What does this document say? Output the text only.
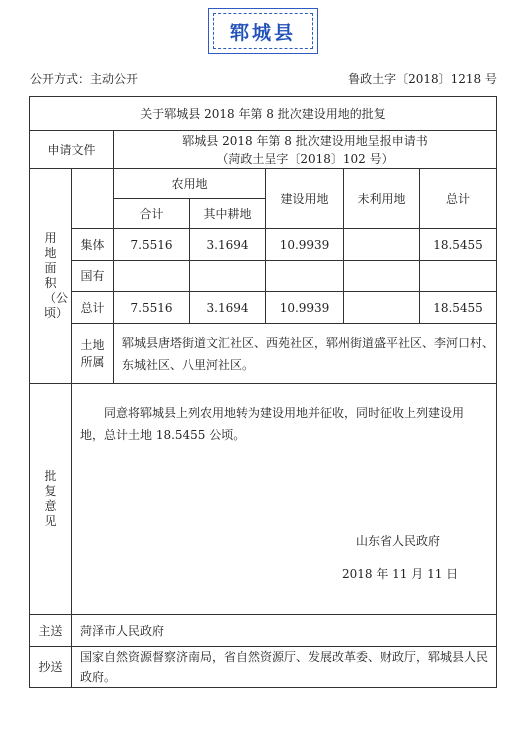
郓城县
公开方式：主动公开	鲁政土字〔2018〕1218 号
关于郓城县 2018 年第 8 批次建设用地的批复						
申请文件		郓城县 2018 年第 8 批次建设用地呈报申请书
（菏政土呈字〔2018〕102 号）				

用地面积（公顷）		农用地		建设用地	未利用地	总计
		合计	其中耕地			
	集体	7.5516	3.1694	10.9939		18.5455
	国有					
	总计	7.5516	3.1694	10.9939		18.5455
	土地所属	郓城县唐塔街道文汇社区、西苑社区，郓州街道盛平社区、李河口村、东城社区、八里河社区。				
批复意见	同意将郓城县上列农用地转为建设用地并征收，同时征收上列建设用地，总计土地 18.5455 公顷。
山东省人民政府
2018 年 11 月 11 日					

主送	菏泽市人民政府					
抄送	国家自然资源督察济南局，省自然资源厅、发展改革委、财政厅，郓城县人民政府。					
